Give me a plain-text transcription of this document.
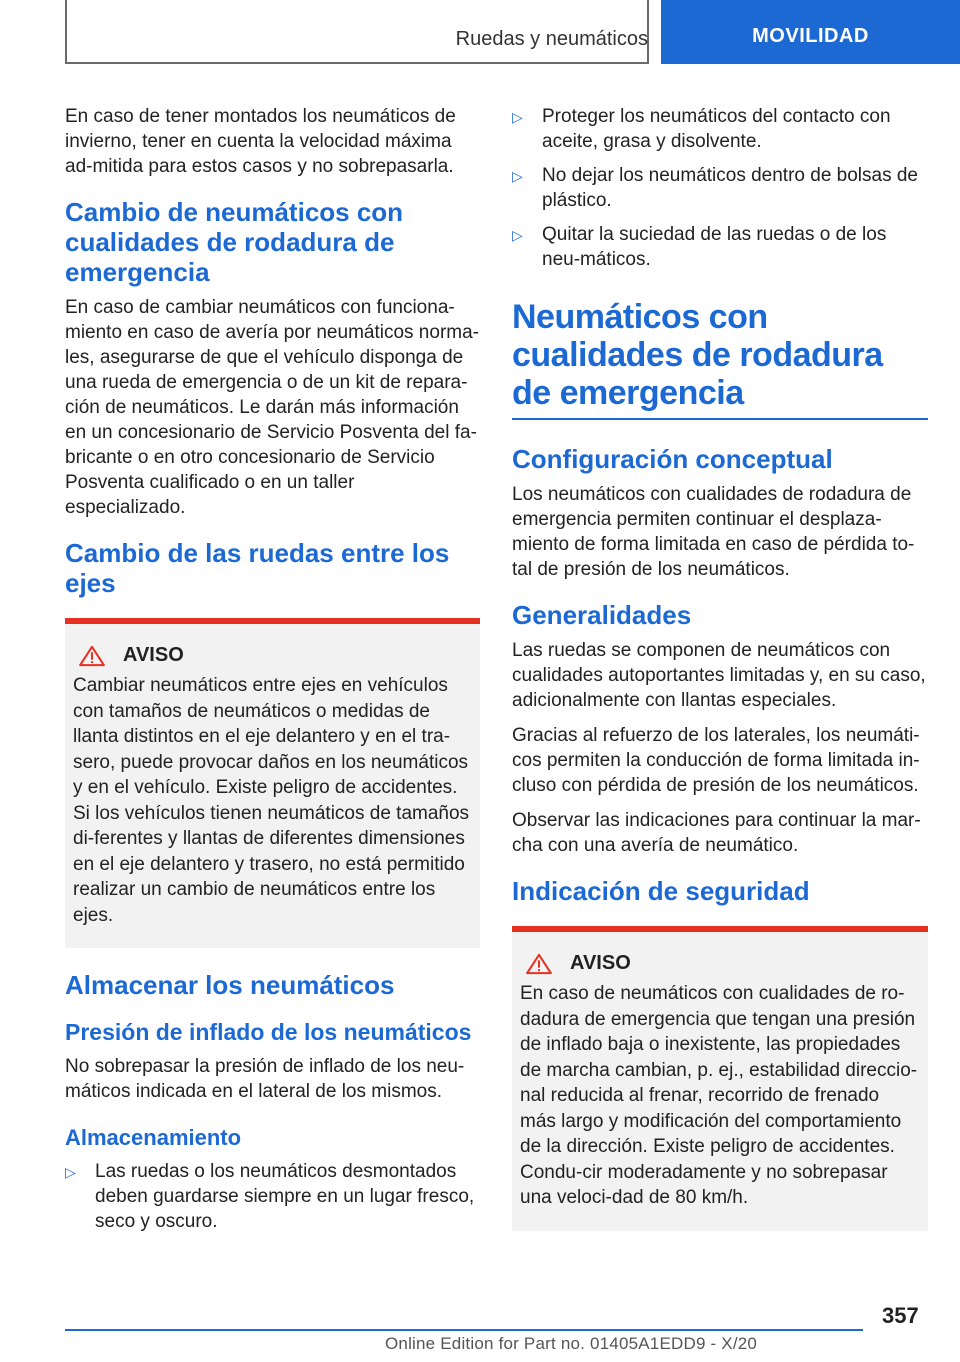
Ruedas y neumáticos	MOVILIDAD

En caso de tener montados los neumáticos de invierno, tener en cuenta la velocidad máxima ad-mitida para estos casos y no sobrepasarla.

Cambio de neumáticos con cualidades de rodadura de emergencia

En caso de cambiar neumáticos con funciona-miento en caso de avería por neumáticos norma-les, asegurarse de que el vehículo disponga de una rueda de emergencia o de un kit de repara-ción de neumáticos. Le darán más información en un concesionario de Servicio Posventa del fa-bricante o en otro concesionario de Servicio Posventa cualificado o en un taller especializado.

Cambio de las ruedas entre los ejes
AVISO

Cambiar neumáticos entre ejes en vehículos con tamaños de neumáticos o medidas de llanta distintos en el eje delantero y en el tra-sero, puede provocar daños en los neumáticos y en el vehículo. Existe peligro de accidentes. Si los vehículos tienen neumáticos de tamaños di-ferentes y llantas de diferentes dimensiones en el eje delantero y trasero, no está permitido realizar un cambio de neumáticos entre los ejes.

Almacenar los neumáticos
Presión de inflado de los neumáticos

No sobrepasar la presión de inflado de los neu-máticos indicada en el lateral de los mismos.

Almacenamiento
▷ Las ruedas o los neumáticos desmontados deben guardarse siempre en un lugar fresco, seco y oscuro.
▷ Proteger los neumáticos del contacto con aceite, grasa y disolvente.
▷ No dejar los neumáticos dentro de bolsas de plástico.
▷ Quitar la suciedad de las ruedas o de los neu-máticos.
Neumáticos con cualidades de rodadura de emergencia
Configuración conceptual

Los neumáticos con cualidades de rodadura de emergencia permiten continuar el desplaza-miento de forma limitada en caso de pérdida to-tal de presión de los neumáticos.

Generalidades

Las ruedas se componen de neumáticos con cualidades autoportantes limitadas y, en su caso, adicionalmente con llantas especiales.

Gracias al refuerzo de los laterales, los neumáti-cos permiten la conducción de forma limitada in-cluso con pérdida de presión de los neumáticos.

Observar las indicaciones para continuar la mar-cha con una avería de neumático.

Indicación de seguridad
AVISO

En caso de neumáticos con cualidades de ro-dadura de emergencia que tengan una presión de inflado baja o inexistente, las propiedades de marcha cambian, p. ej., estabilidad direccio-nal reducida al frenar, recorrido de frenado más largo y modificación del comportamiento de la dirección. Existe peligro de accidentes. Condu-cir moderadamente y no sobrepasar una veloci-dad de 80 km/h.

357
Online Edition for Part no. 01405A1EDD9 - X/20
